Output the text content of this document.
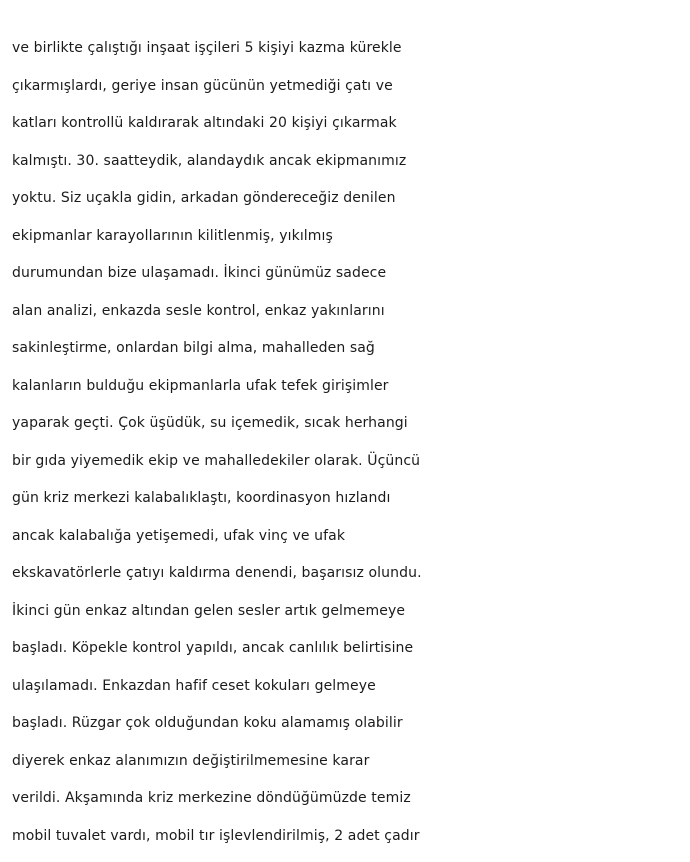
ve birlikte çalıştığı inşaat işçileri 5 kişiyi kazma kürekle
çıkarmışlardı, geriye insan gücünün yetmediği çatı ve
katları kontrollü kaldırarak altındaki 20 kişiyi çıkarmak
kalmıştı. 30. saatteydik, alandaydık ancak ekipmanımız
yoktu. Siz uçakla gidin, arkadan göndereceğiz denilen
ekipmanlar karayollarının kilitlenmiş, yıkılmış
durumundan bize ulaşamadı. İkinci günümüz sadece
alan analizi, enkazda sesle kontrol, enkaz yakınlarını
sakinleştirme, onlardan bilgi alma, mahalleden sağ
kalanların bulduğu ekipmanlarla ufak tefek girişimler
yaparak geçti. Çok üşüdük, su içemedik, sıcak herhangi
bir gıda yiyemedik ekip ve mahalledekiler olarak. Üçüncü
gün kriz merkezi kalabalıklaştı, koordinasyon hızlandı
ancak kalabalığa yetişemedi, ufak vinç ve ufak
ekskavatörlerle çatıyı kaldırma denendi, başarısız olundu.
İkinci gün enkaz altından gelen sesler artık gelmemeye
başladı. Köpekle kontrol yapıldı, ancak canlılık belirtisine
ulaşılamadı. Enkazdan hafif ceset kokuları gelmeye
başladı. Rüzgar çok olduğundan koku alamamış olabilir
diyerek enkaz alanımızın değiştirilmemesine karar
verildi. Akşamında kriz merkezine döndüğümüzde temiz
mobil tuvalet vardı, mobil tır işlevlendirilmiş, 2 adet çadır
